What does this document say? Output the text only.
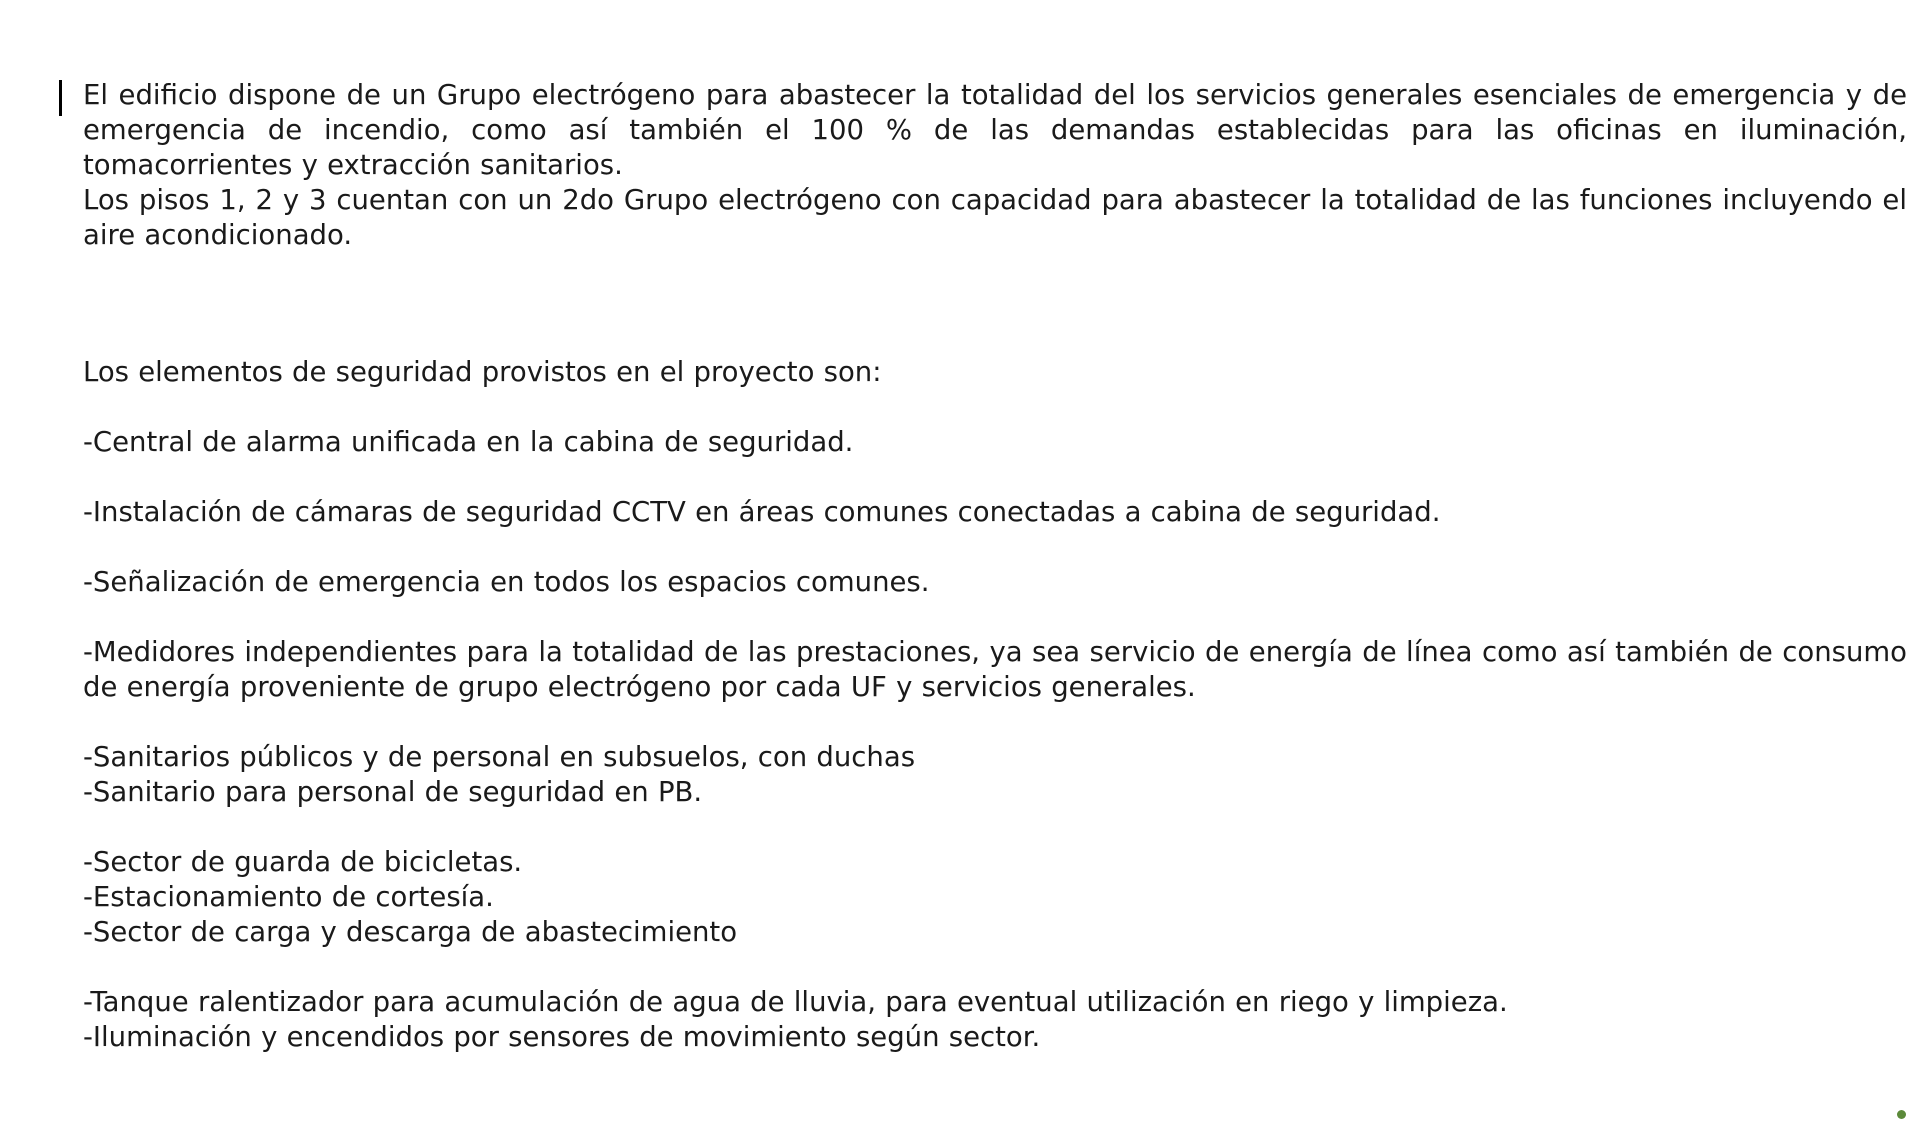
El edificio dispone de un Grupo electrógeno para abastecer la totalidad del los servicios generales esenciales de emergencia y de emergencia de incendio, como así también el 100 % de las demandas establecidas para las oficinas en iluminación, tomacorrientes y extracción sanitarios.

Los pisos 1, 2 y 3 cuentan con un 2do Grupo electrógeno con capacidad para abastecer la totalidad de las funciones incluyendo el aire acondicionado.

Los elementos de seguridad provistos en el proyecto son:

-Central de alarma unificada en la cabina de seguridad.

-Instalación de cámaras de seguridad CCTV en áreas comunes conectadas a cabina de seguridad.

-Señalización de emergencia en todos los espacios comunes.

-Medidores independientes para la totalidad de las prestaciones, ya sea servicio de energía de línea como así también de consumo de energía proveniente de grupo electrógeno por cada UF y servicios generales.

-Sanitarios públicos y de personal en subsuelos, con duchas

-Sanitario para personal de seguridad en PB.

-Sector de guarda de bicicletas.

-Estacionamiento de cortesía.

-Sector de carga y descarga de abastecimiento

-Tanque ralentizador para acumulación de agua de lluvia, para eventual utilización en riego y limpieza.

-Iluminación y encendidos por sensores de movimiento según sector.
